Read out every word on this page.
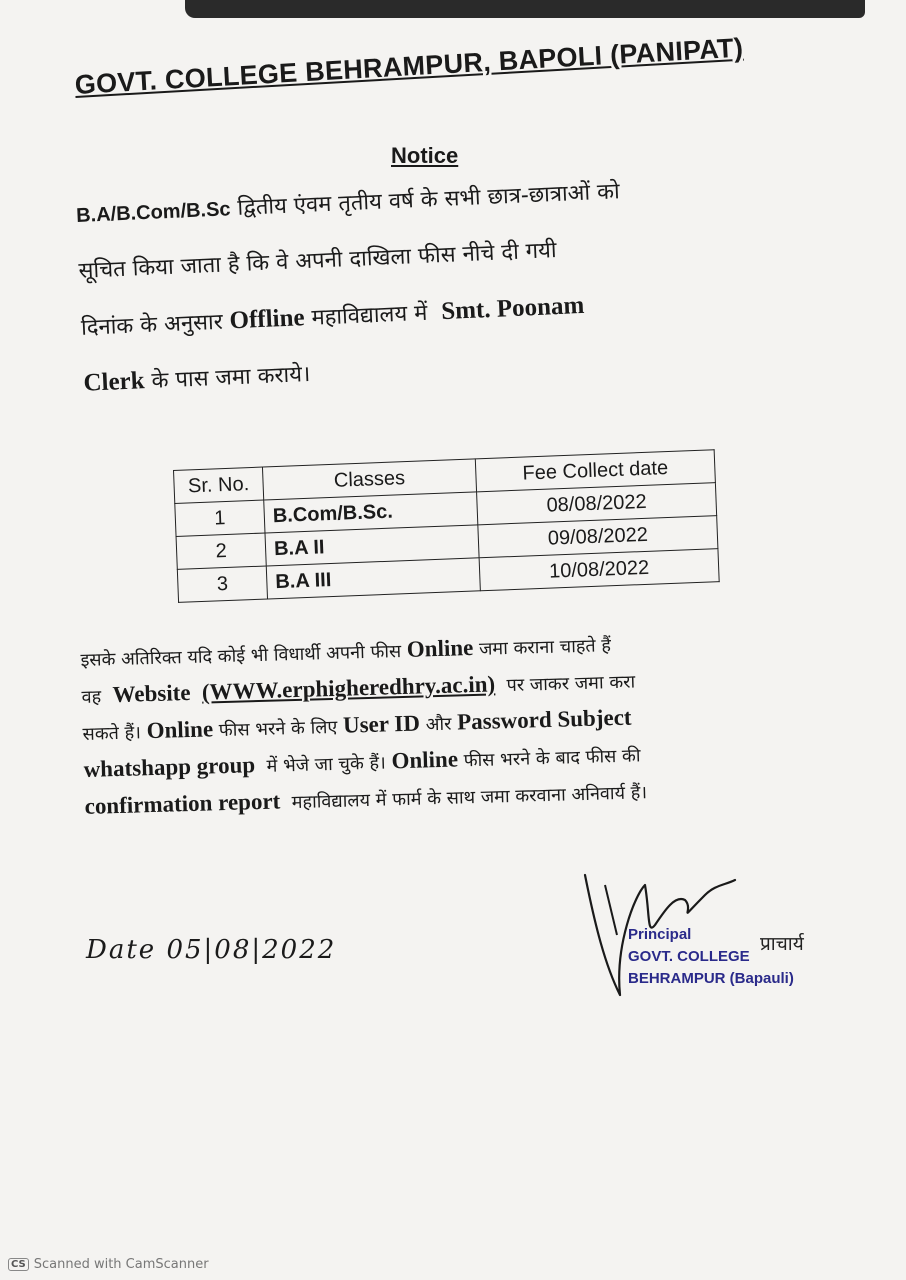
GOVT. COLLEGE BEHRAMPUR, BAPOLI (PANIPAT)
Notice
B.A/B.Com/B.Sc द्वितीय एंवम तृतीय वर्ष के सभी छात्र-छात्राओं को
सूचित किया जाता है कि वे अपनी दाखिला फीस नीचे दी गयी
दिनांक के अनुसार Offline महाविद्यालय में Smt. Poonam
Clerk के पास जमा कराये।
Sr. No.	Classes	Fee Collect date
1	B.Com/B.Sc.	08/08/2022
2	B.A II	09/08/2022
3	B.A III	10/08/2022
इसके अतिरिक्त यदि कोई भी विधार्थी अपनी फीस Online जमा कराना चाहते हैं
वह Website (WWW.erphigheredhry.ac.in) पर जाकर जमा करा
सकते हैं। Online फीस भरने के लिए User ID और Password Subject
whatshapp group में भेजे जा चुके हैं। Online फीस भरने के बाद फीस की
confirmation report महाविद्यालय में फार्म के साथ जमा करवाना अनिवार्य हैं।
Date 05|08|2022
Principal
GOVT. COLLEGE
BEHRAMPUR (Bapauli)
प्राचार्य
CS Scanned with CamScanner
